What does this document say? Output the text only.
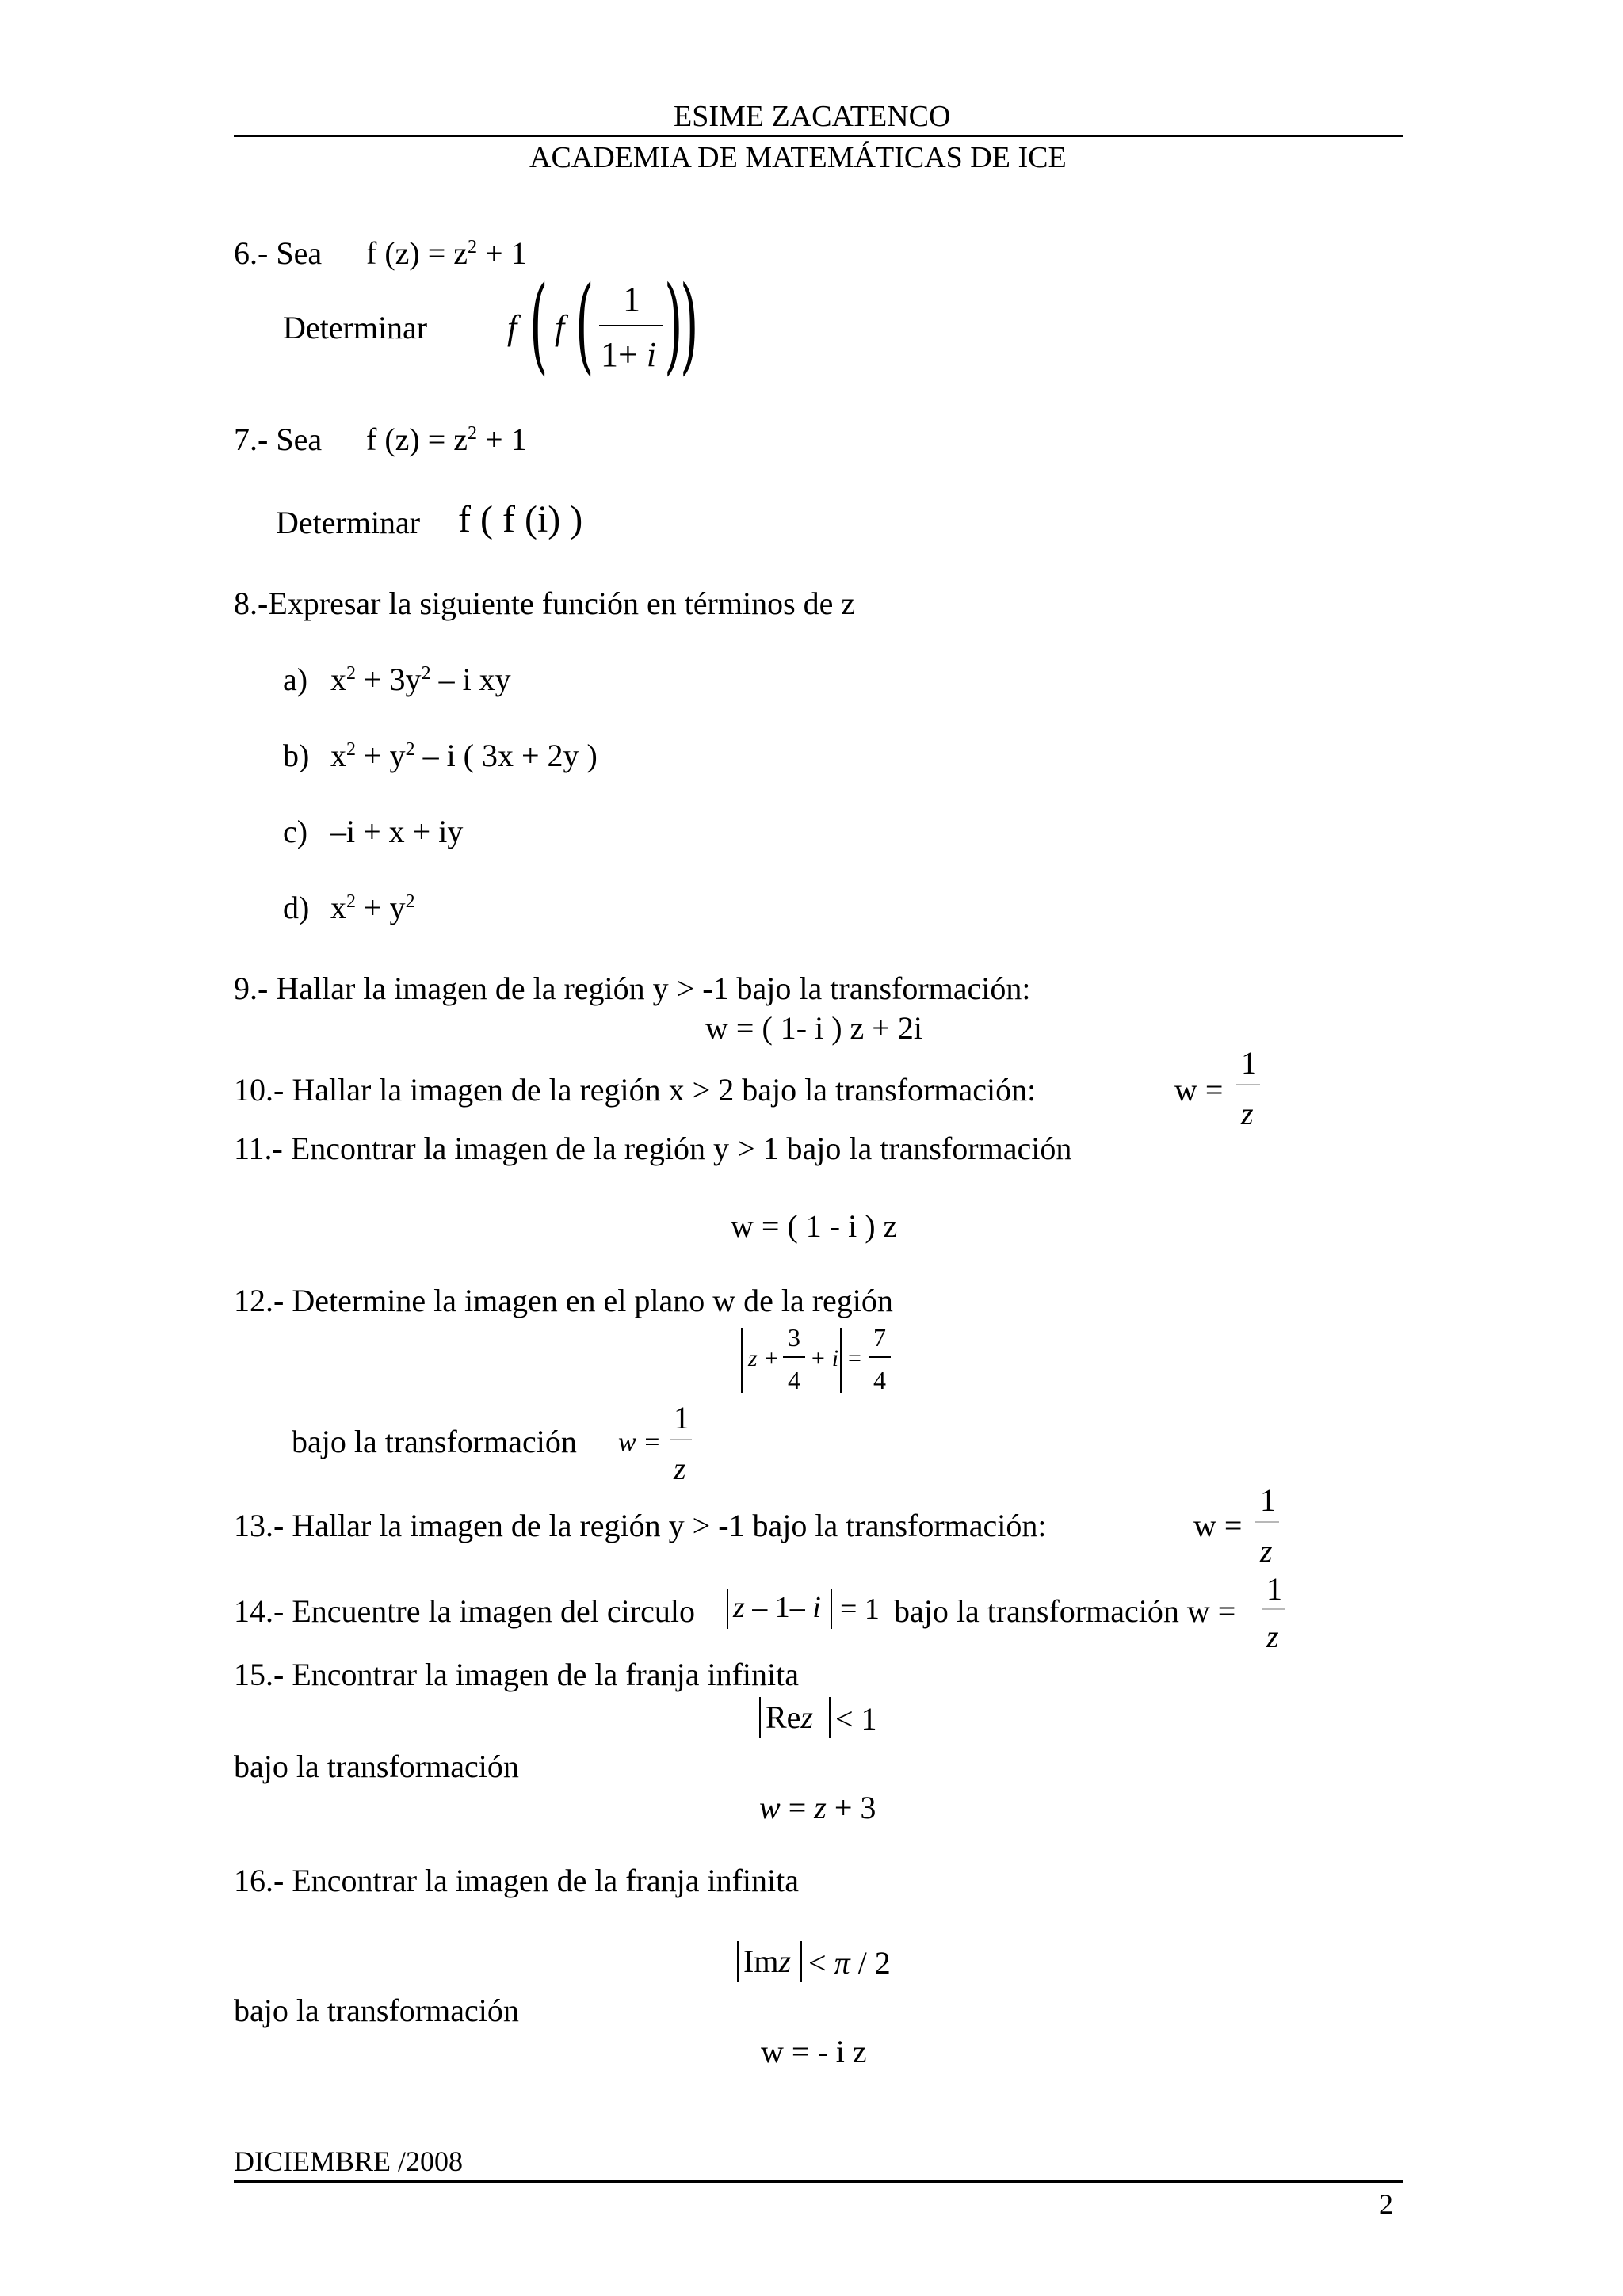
ESIME ZACATENCO
ACADEMIA DE MATEMÁTICAS DE ICE
6.- Sea f $(z) = z^2 + 1$
Determinar f ( f ( 1
1+ i )
)
7.- Sea f $(z) = z^2 + 1$
Determinar f ( f (i) )
8.-Expresar la siguiente función en términos de z
a) $x^2 + 3y^2 - i$ xy
b) $x^2 + y^2 - i$ ( 3x + 2y )
c) –i + x + iy
d) $x^2 + y^2$
9.- Hallar la imagen de la región y > -1 bajo la transformación:
w = ( 1- i ) z + 2i
10.- Hallar la imagen de la región x > 2 bajo la transformación:	w =
1
z
11.- Encontrar la imagen de la región y > 1 bajo la transformación
w = ( 1 - i ) z
12.- Determine la imagen en el plano w de la región
z +
3
4
+ i =
7
4
bajo la transformación w =
1
z
13.- Hallar la imagen de la región y > -1 bajo la transformación:	w =
1
z
14.- Encuentre la imagen del circulo z – 1– i = 1 bajo la transformación w =
1
z
15.- Encontrar la imagen de la franja infinita
Rez < 1
bajo la transformación
w = z + 3
16.- Encontrar la imagen de la franja infinita
Imz < π / 2
bajo la transformación
w = - i z
DICIEMBRE /2008
2
